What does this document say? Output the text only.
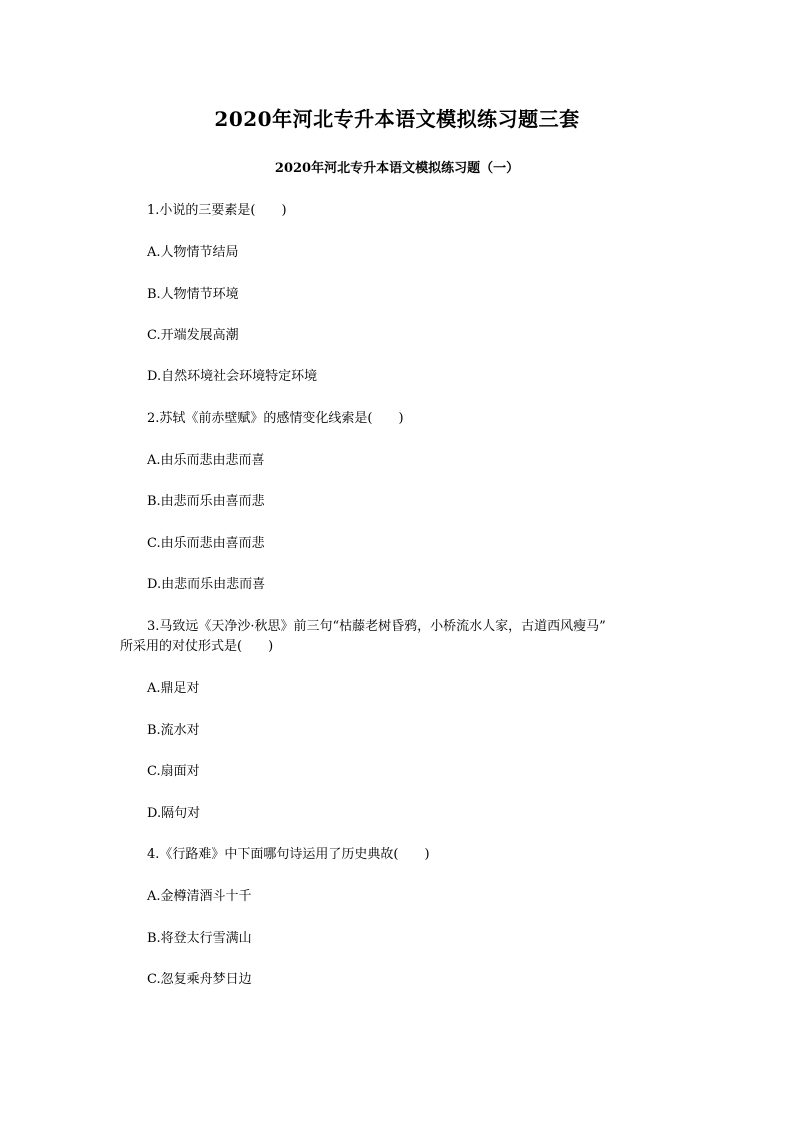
2020年河北专升本语文模拟练习题三套
2020年河北专升本语文模拟练习题（一）
1.小说的三要素是(　　)
A.人物情节结局
B.人物情节环境
C.开端发展高潮
D.自然环境社会环境特定环境
2.苏轼《前赤壁赋》的感情变化线索是(　　)
A.由乐而悲由悲而喜
B.由悲而乐由喜而悲
C.由乐而悲由喜而悲
D.由悲而乐由悲而喜
3.马致远《天净沙·秋思》前三句“枯藤老树昏鸦，小桥流水人家，古道西风瘦马”
所采用的对仗形式是(　　)
A.鼎足对
B.流水对
C.扇面对
D.隔句对
4.《行路难》中下面哪句诗运用了历史典故(　　)
A.金樽清酒斗十千
B.将登太行雪满山
C.忽复乘舟梦日边
